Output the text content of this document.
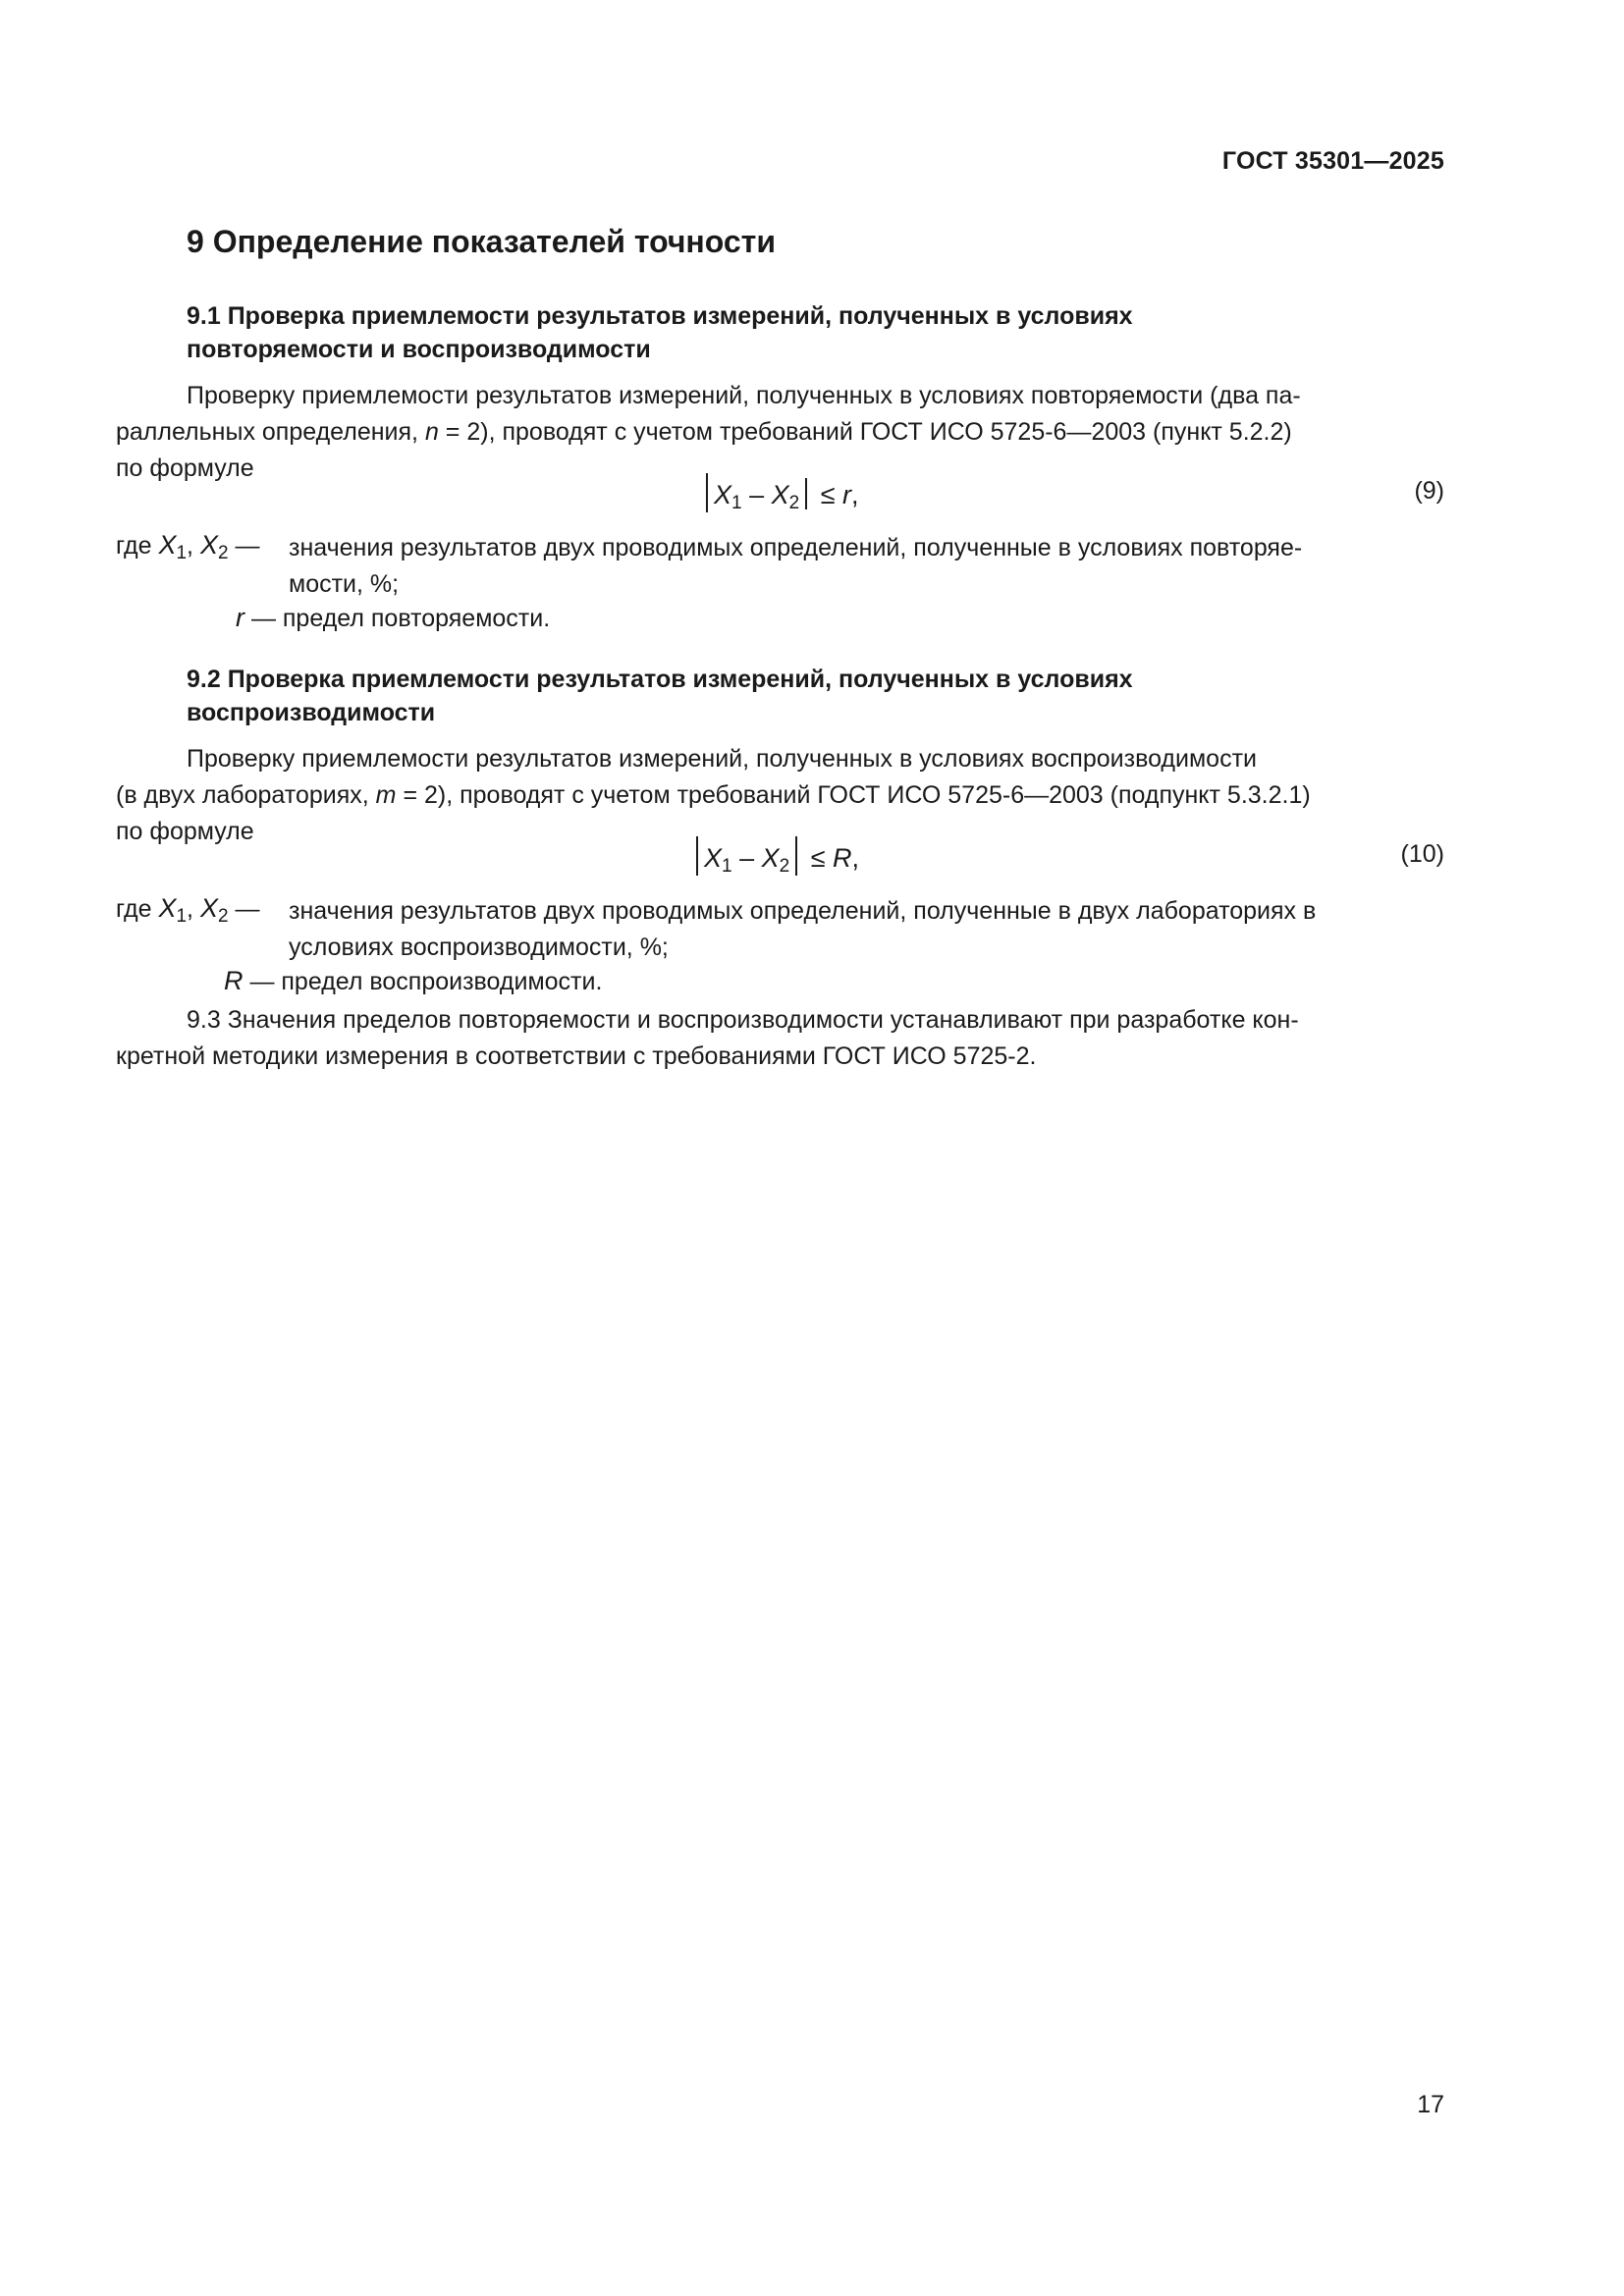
ГОСТ 35301—2025
9 Определение показателей точности
9.1 Проверка приемлемости результатов измерений, полученных в условиях
повторяемости и воспроизводимости
Проверку приемлемости результатов измерений, полученных в условиях повторяемости (два па-
раллельных определения, n = 2), проводят с учетом требований ГОСТ ИСО 5725-6—2003 (пункт 5.2.2)
по формуле
$X_1 - X_2 \le r$,	(9)
где $X_1$, $X_2$ — значения результатов двух проводимых определений, полученные в условиях повторяе-
мости, %;
r — предел повторяемости.
9.2 Проверка приемлемости результатов измерений, полученных в условиях
воспроизводимости
Проверку приемлемости результатов измерений, полученных в условиях воспроизводимости
(в двух лабораториях, m = 2), проводят с учетом требований ГОСТ ИСО 5725-6—2003 (подпункт 5.3.2.1)
по формуле
$X_1 - X_2 \le R$,	(10)
где $X_1$, $X_2$ — значения результатов двух проводимых определений, полученные в двух лабораториях в
условиях воспроизводимости, %;
R — предел воспроизводимости.
9.3 Значения пределов повторяемости и воспроизводимости устанавливают при разработке кон-
кретной методики измерения в соответствии с требованиями ГОСТ ИСО 5725-2.
17
